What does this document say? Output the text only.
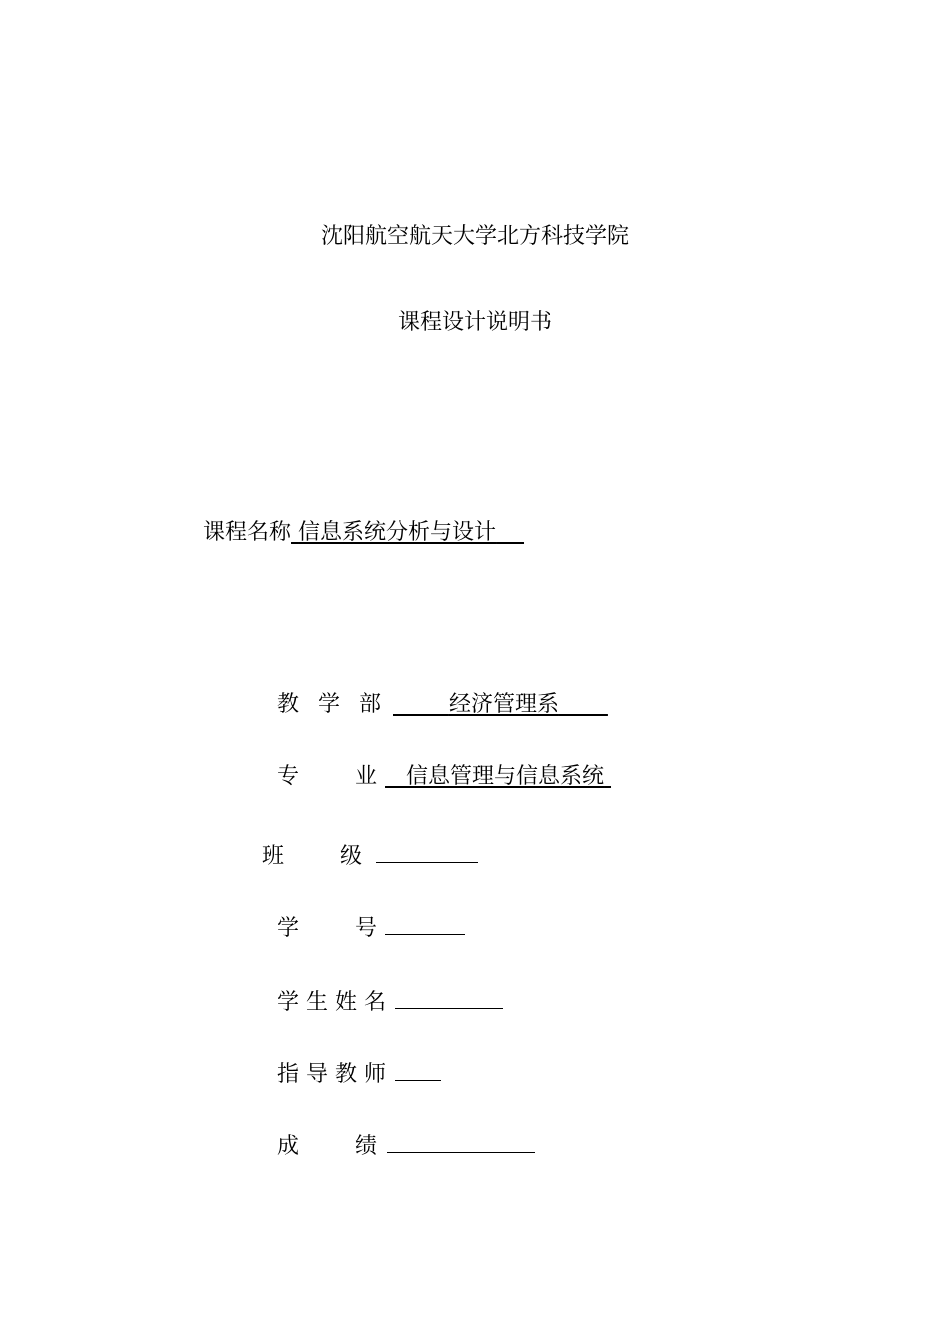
沈阳航空航天大学北方科技学院
课程设计说明书
课程名称 信息系统分析与设计
教 学 部	经济管理系
专　　业 信息管理与信息系统
班　　级
学　　号
学生姓名
指导教师
成　　绩
